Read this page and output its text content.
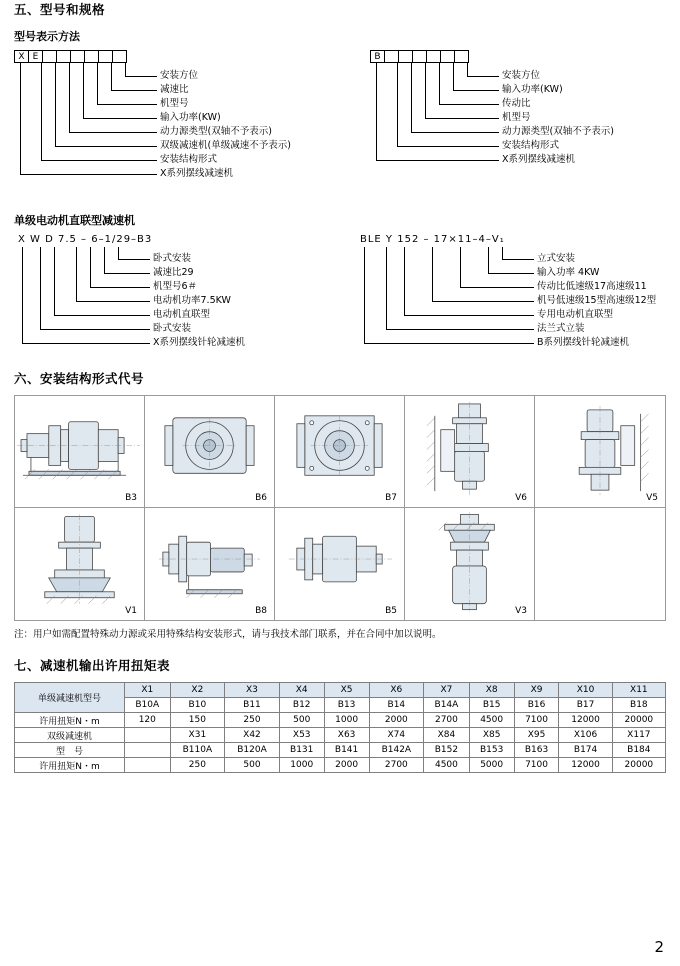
五、型号和规格
型号表示方法
X E
安装方位
减速比
机型号
输入功率(KW)
动力源类型(双轴不予表示)
双级减速机(单级减速不予表示)
安装结构形式
X系列摆线减速机
B
安装方位
输入功率(KW)
传动比
机型号
动力源类型(双轴不予表示)
安装结构形式
X系列摆线减速机
单级电动机直联型减速机
X W D 7.5 – 6–1/29–B3
卧式安装
减速比29
机型号6＃
电动机功率7.5KW
电动机直联型
卧式安装
X系列摆线针轮减速机
BLE Y 152 – 17×11–4–V₁
立式安装
输入功率 4KW
传动比低速级17高速级11
机号低速级15型高速级12型
专用电动机直联型
法兰式立装
B系列摆线针轮减速机
六、安装结构形式代号
B3	B6	B7	V6	V5
V1	B8	B5	V3
注：用户如需配置特殊动力源或采用特殊结构安装形式，请与我技术部门联系，并在合同中加以说明。
七、减速机输出许用扭矩表
单级减速机型号	X1	X2	X3	X4	X5	X6	X7	X8	X9	X10	X11
	B10A	B10	B11	B12	B13	B14	B14A	B15	B16	B17	B18
许用扭矩N・m	120	150	250	500	1000	2000	2700	4500	7100	12000	20000
双级减速机		X31	X42	X53	X63	X74	X84	X85	X95	X106	X117
型　号		B110A	B120A	B131	B141	B142A	B152	B153	B163	B174	B184
许用扭矩N・m		250	500	1000	2000	2700	4500	5000	7100	12000	20000
2
